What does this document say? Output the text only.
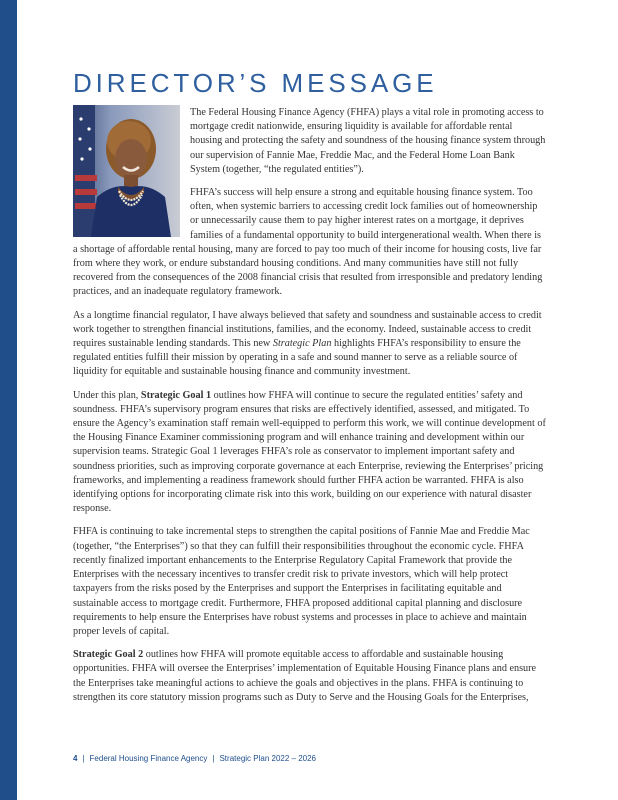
DIRECTOR’S MESSAGE

The Federal Housing Finance Agency (FHFA) plays a vital role in promoting access to mortgage credit nationwide, ensuring liquidity is available for affordable rental housing and protecting the safety and soundness of the housing finance system through our supervision of Fannie Mae, Freddie Mac, and the Federal Home Loan Bank System (together, “the regulated entities”).

FHFA’s success will help ensure a strong and equitable housing finance system. Too often, when systemic barriers to accessing credit lock families out of homeownership or unnecessarily cause them to pay higher interest rates on a mortgage, it deprives families of a fundamental opportunity to build intergenerational wealth. When there is a shortage of affordable rental housing, many are forced to pay too much of their income for housing costs, live far from where they work, or endure substandard housing conditions. And many communities have still not fully recovered from the consequences of the 2008 financial crisis that resulted from irresponsible and predatory lending practices, and an inadequate regulatory framework.

As a longtime financial regulator, I have always believed that safety and soundness and sustainable access to credit work together to strengthen financial institutions, families, and the economy. Indeed, sustainable access to credit requires sustainable lending standards. This new Strategic Plan highlights FHFA’s responsibility to ensure the regulated entities fulfill their mission by operating in a safe and sound manner to serve as a reliable source of liquidity for equitable and sustainable housing finance and community investment.

Under this plan, Strategic Goal 1 outlines how FHFA will continue to secure the regulated entities’ safety and soundness. FHFA’s supervisory program ensures that risks are effectively identified, assessed, and mitigated. To ensure the Agency’s examination staff remain well-equipped to perform this work, we will continue development of the Housing Finance Examiner commissioning program and will enhance training and development within our supervision teams. Strategic Goal 1 leverages FHFA’s role as conservator to implement important safety and soundness priorities, such as improving corporate governance at each Enterprise, reviewing the Enterprises’ pricing frameworks, and implementing a readiness framework should further FHFA action be warranted. FHFA is also identifying options for incorporating climate risk into this work, building on our experience with natural disaster response.

FHFA is continuing to take incremental steps to strengthen the capital positions of Fannie Mae and Freddie Mac (together, “the Enterprises”) so that they can fulfill their responsibilities throughout the economic cycle. FHFA recently finalized important enhancements to the Enterprise Regulatory Capital Framework that provide the Enterprises with the necessary incentives to transfer credit risk to private investors, which will help protect taxpayers from the risks posed by the Enterprises and support the Enterprises in facilitating equitable and sustainable access to mortgage credit. Furthermore, FHFA proposed additional capital planning and disclosure requirements to help ensure the Enterprises have robust systems and processes in place to achieve and maintain proper levels of capital.

Strategic Goal 2 outlines how FHFA will promote equitable access to affordable and sustainable housing opportunities. FHFA will oversee the Enterprises’ implementation of Equitable Housing Finance plans and ensure the Enterprises take meaningful actions to achieve the goals and objectives in the plans. FHFA is continuing to strengthen its core statutory mission programs such as Duty to Serve and the Housing Goals for the Enterprises,

4 | Federal Housing Finance Agency | Strategic Plan 2022 – 2026
